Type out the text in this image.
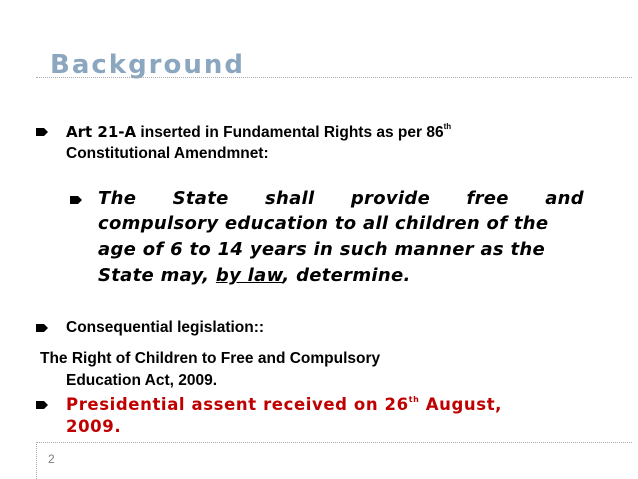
Background
Art 21-A inserted in Fundamental Rights as per 86th
Constitutional Amendmnet:
The State shall provide free and
compulsory education to all children of the
age of 6 to 14 years in such manner as the
State may, by law, determine.
Consequential legislation::
The Right of Children to Free and Compulsory
Education Act, 2009.
Presidential assent received on 26th August,
2009.
2
